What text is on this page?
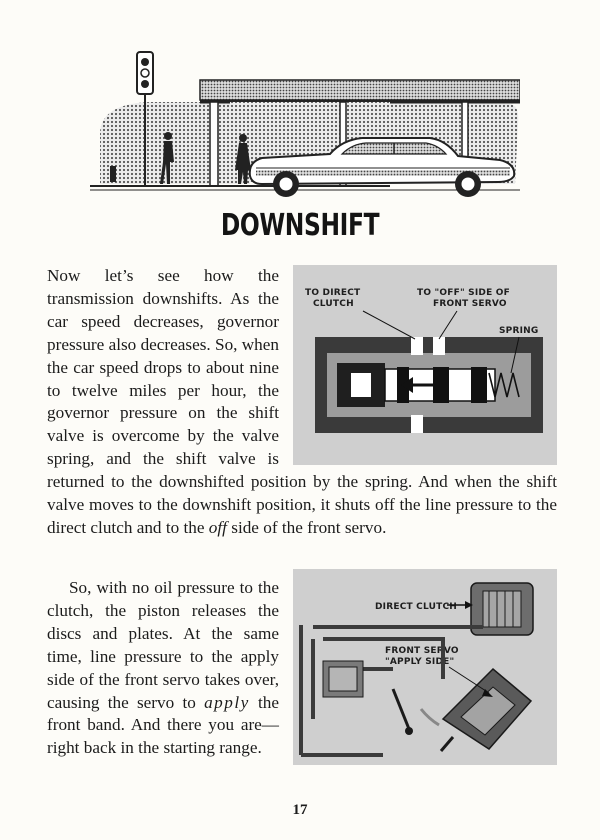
DOWNSHIFT
TO DIRECT
CLUTCH
TO "OFF" SIDE OF
FRONT SERVO
SPRING
Now let’s see how the transmission downshifts. As the car speed decreases, governor pressure also decreases. So, when the car speed drops to about nine to twelve miles per hour, the governor pressure on the shift valve is overcome by the valve spring, and the shift valve is returned to the downshifted position by the spring. And when the shift valve moves to the downshift position, it shuts off the line pressure to the direct clutch and to the off side of the front servo.
DIRECT CLUTCH
FRONT SERVO
"APPLY SIDE"
So, with no oil pressure to the clutch, the piston releases the discs and plates. At the same time, line pressure to the apply side of the front servo takes over, causing the servo to apply the front band. And there you are—right back in the starting range.
17
